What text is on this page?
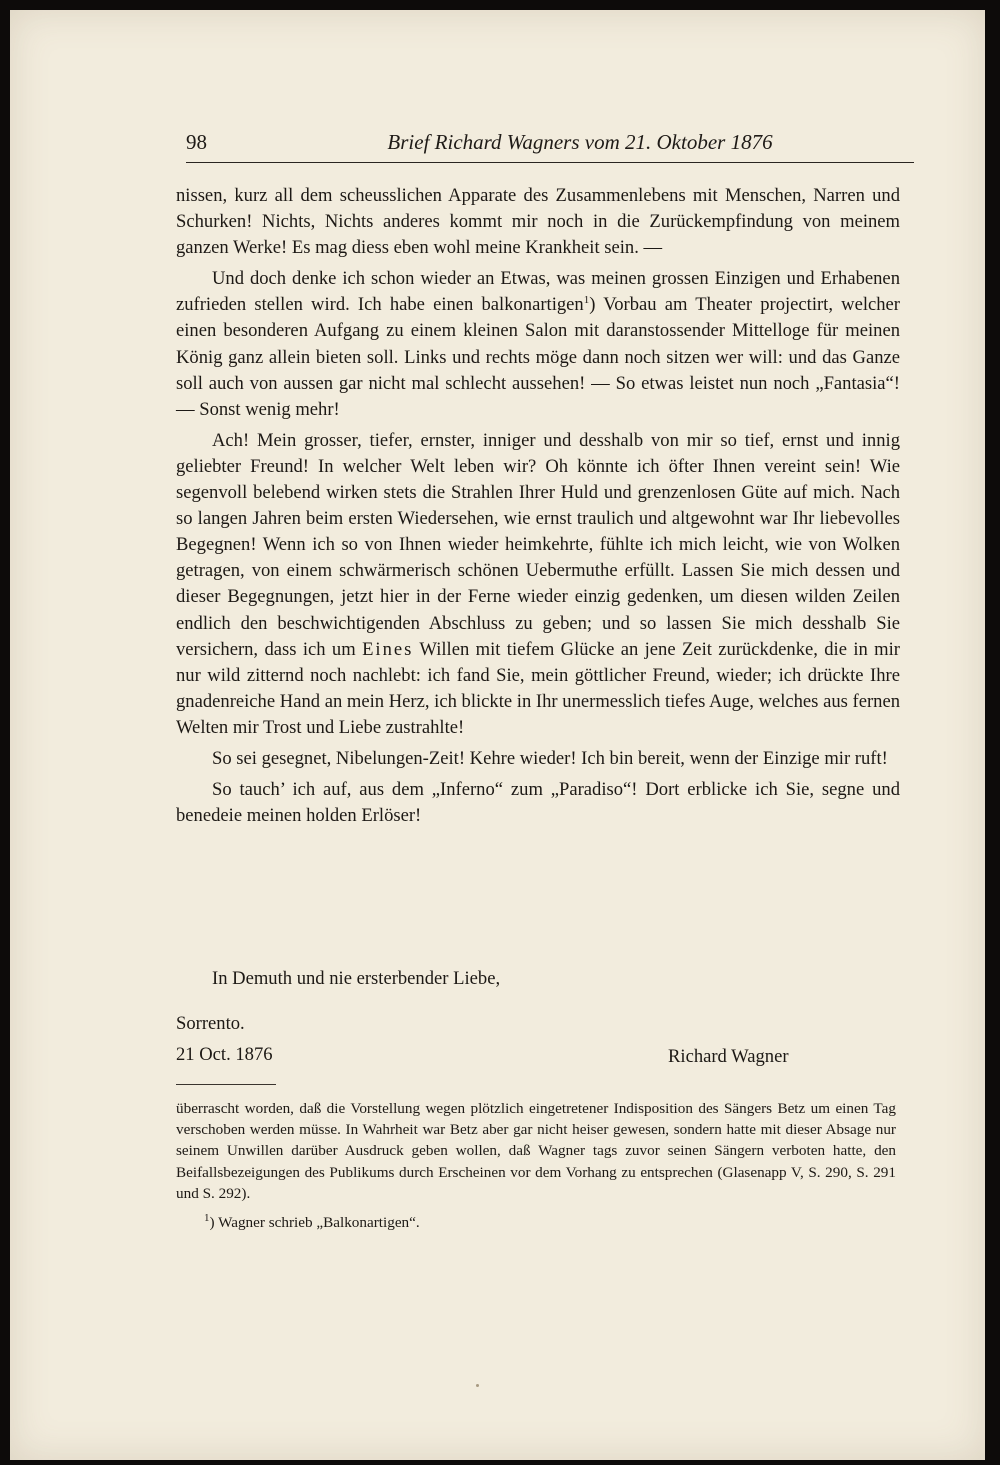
98	Brief Richard Wagners vom 21. Oktober 1876

nissen, kurz all dem scheusslichen Apparate des Zusammenlebens mit Menschen, Narren und Schurken! Nichts, Nichts anderes kommt mir noch in die Zurückempfindung von meinem ganzen Werke! Es mag diess eben wohl meine Krankheit sein. —

Und doch denke ich schon wieder an Etwas, was meinen grossen Einzigen und Erhabenen zufrieden stellen wird. Ich habe einen balkonartigen$^1$) Vorbau am Theater projectirt, welcher einen besonderen Aufgang zu einem kleinen Salon mit daranstossender Mittelloge für meinen König ganz allein bieten soll. Links und rechts möge dann noch sitzen wer will: und das Ganze soll auch von aussen gar nicht mal schlecht aussehen! — So etwas leistet nun noch „Fantasia“! — Sonst wenig mehr!

Ach! Mein grosser, tiefer, ernster, inniger und desshalb von mir so tief, ernst und innig geliebter Freund! In welcher Welt leben wir? Oh könnte ich öfter Ihnen vereint sein! Wie segenvoll belebend wirken stets die Strahlen Ihrer Huld und grenzenlosen Güte auf mich. Nach so langen Jahren beim ersten Wiedersehen, wie ernst traulich und altgewohnt war Ihr liebevolles Begegnen! Wenn ich so von Ihnen wieder heimkehrte, fühlte ich mich leicht, wie von Wolken getragen, von einem schwärmerisch schönen Uebermuthe erfüllt. Lassen Sie mich dessen und dieser Begegnungen, jetzt hier in der Ferne wieder einzig gedenken, um diesen wilden Zeilen endlich den beschwichtigenden Abschluss zu geben; und so lassen Sie mich desshalb Sie versichern, dass ich um Eines Willen mit tiefem Glücke an jene Zeit zurückdenke, die in mir nur wild zitternd noch nachlebt: ich fand Sie, mein göttlicher Freund, wieder; ich drückte Ihre gnadenreiche Hand an mein Herz, ich blickte in Ihr unermesslich tiefes Auge, welches aus fernen Welten mir Trost und Liebe zustrahlte!

So sei gesegnet, Nibelungen-Zeit! Kehre wieder! Ich bin bereit, wenn der Einzige mir ruft!

So tauch’ ich auf, aus dem „Inferno“ zum „Paradiso“! Dort erblicke ich Sie, segne und benedeie meinen holden Erlöser!

In Demuth und nie ersterbender Liebe,
Sorrento.
21 Oct. 1876	Richard Wagner

überrascht worden, daß die Vorstellung wegen plötzlich eingetretener Indisposition des Sängers Betz um einen Tag verschoben werden müsse. In Wahrheit war Betz aber gar nicht heiser gewesen, sondern hatte mit dieser Absage nur seinem Unwillen darüber Ausdruck geben wollen, daß Wagner tags zuvor seinen Sängern verboten hatte, den Beifallsbezeigungen des Publikums durch Erscheinen vor dem Vorhang zu entsprechen (Glasenapp V, S. 290, S. 291 und S. 292).

$^1$) Wagner schrieb „Balkonartigen“.
